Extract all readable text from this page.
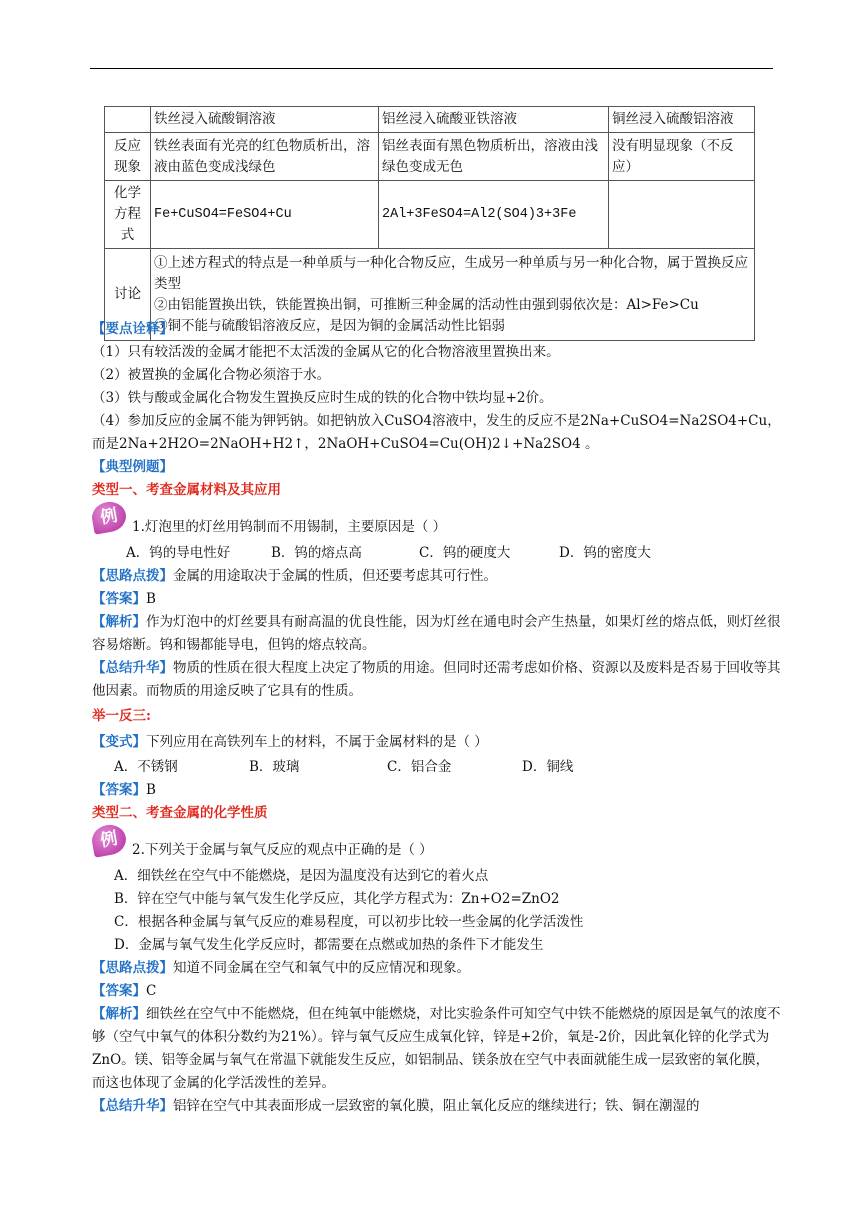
	铁丝浸入硫酸铜溶液	铝丝浸入硫酸亚铁溶液	铜丝浸入硫酸铝溶液
反应现象	铁丝表面有光亮的红色物质析出，溶液由蓝色变成浅绿色	铝丝表面有黑色物质析出，溶液由浅绿色变成无色	没有明显现象（不反应）
化学方程式	Fe+CuSO4=FeSO4+Cu	2Al+3FeSO4=Al2(SO4)3+3Fe	
讨论	①上述方程式的特点是一种单质与一种化合物反应，生成另一种单质与另一种化合物，属于置换反应类型
②由铝能置换出铁，铁能置换出铜，可推断三种金属的活动性由强到弱依次是：Al>Fe>Cu
③铜不能与硫酸铝溶液反应，是因为铜的金属活动性比铝弱		
【要点诠释】
（1）只有较活泼的金属才能把不太活泼的金属从它的化合物溶液里置换出来。
（2）被置换的金属化合物必须溶于水。
（3）铁与酸或金属化合物发生置换反应时生成的铁的化合物中铁均显+2价。
（4）参加反应的金属不能为钾钙钠。如把钠放入CuSO4溶液中，发生的反应不是2Na+CuSO4=Na2SO4+Cu，
而是2Na+2H2O=2NaOH+H2↑，2NaOH+CuSO4=Cu(OH)2↓+Na2SO4 。
【典型例题】
类型一、考查金属材料及其应用
例 1.灯泡里的灯丝用钨制而不用锡制，主要原因是（ ）
A．钨的导电性好	B．钨的熔点高	C．钨的硬度大	D．钨的密度大
【思路点拨】金属的用途取决于金属的性质，但还要考虑其可行性。
【答案】B
【解析】作为灯泡中的灯丝要具有耐高温的优良性能，因为灯丝在通电时会产生热量，如果灯丝的熔点低，则灯丝很容易熔断。钨和锡都能导电，但钨的熔点较高。
【总结升华】物质的性质在很大程度上决定了物质的用途。但同时还需考虑如价格、资源以及废料是否易于回收等其他因素。而物质的用途反映了它具有的性质。
举一反三:
【变式】下列应用在高铁列车上的材料，不属于金属材料的是（ ）
A．不锈钢	B．玻璃	C．铝合金	D．铜线
【答案】B
类型二、考查金属的化学性质
例 2.下列关于金属与氧气反应的观点中正确的是（ ）
A．细铁丝在空气中不能燃烧，是因为温度没有达到它的着火点
B．锌在空气中能与氧气发生化学反应，其化学方程式为：Zn+O2=ZnO2
C．根据各种金属与氧气反应的难易程度，可以初步比较一些金属的化学活泼性
D．金属与氧气发生化学反应时，都需要在点燃或加热的条件下才能发生
【思路点拨】知道不同金属在空气和氧气中的反应情况和现象。
【答案】C
【解析】细铁丝在空气中不能燃烧，但在纯氧中能燃烧，对比实验条件可知空气中铁不能燃烧的原因是氧气的浓度不够（空气中氧气的体积分数约为21%）。锌与氧气反应生成氧化锌，锌是+2价，氧是-2价，因此氧化锌的化学式为ZnO。镁、铝等金属与氧气在常温下就能发生反应，如铝制品、镁条放在空气中表面就能生成一层致密的氧化膜，而这也体现了金属的化学活泼性的差异。
【总结升华】铝锌在空气中其表面形成一层致密的氧化膜，阻止氧化反应的继续进行；铁、铜在潮湿的
